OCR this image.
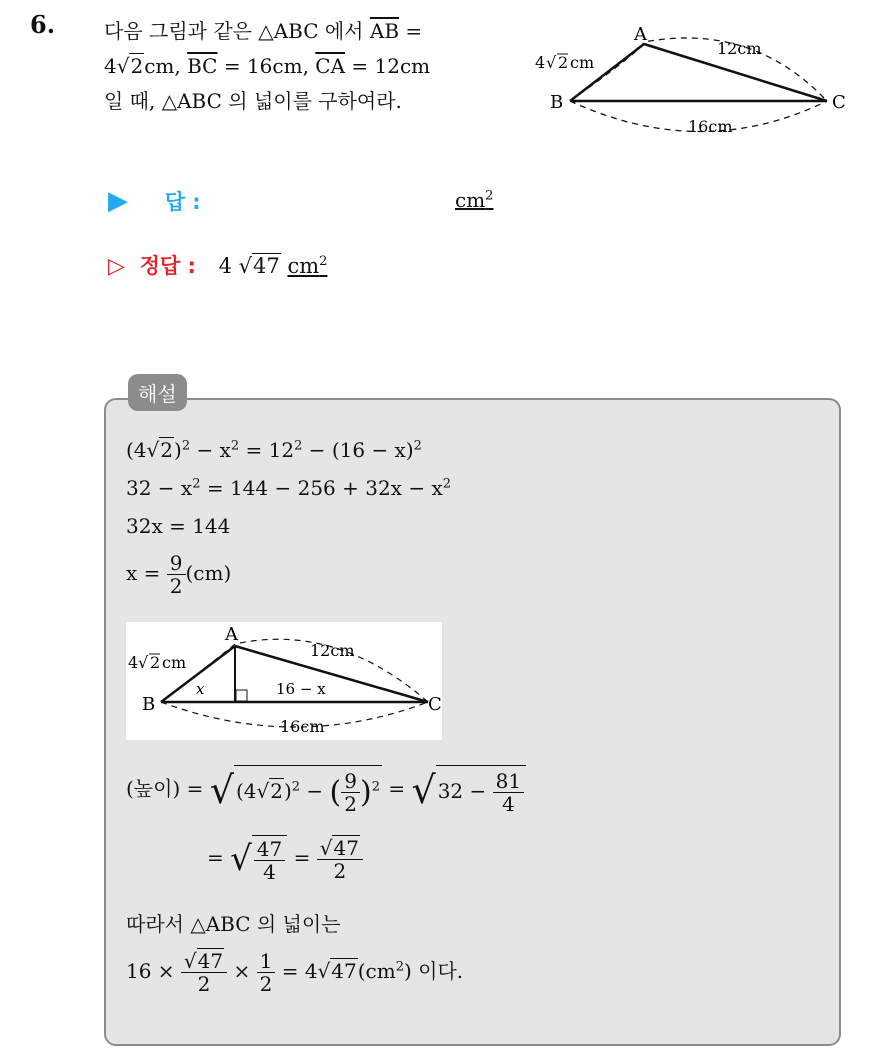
6. 다음 그림과 같은 △ABC 에서 $\overline{AB}$ =
4√2cm, $\overline{BC} = 16cm$, $\overline{CA} = 12cm$
일 때, △ABC 의 넓이를 구하여라.
A
B	C
4 √ 2 cm
12cm
16cm
▶ 답 :	$cm^2$
▷ 정답 : 4 √47 $cm^2$
해설
$(4√2)^2 - x^2 = 12^2 - (16 - x)^2$
$32 - x^2 = 144 - 256 + 32x - x^2$
32x = 144
$x = \frac{9}{2} (cm)$
A
B	C
4 √ 2 cm
12cm
x	16 − x
16cm
(높이) = √ $(4√2)^2$ − ( $\frac{9}{2} )^2$ = √ $32 - \frac{81}{4}$
= √ $\frac{47}{4} = \frac{√47}{2}$
따라서 △ABC 의 넓이는
$16 \times \frac{√47}{2} \times \frac{1}{2} = 4√47(cm^2)$ 이다.
